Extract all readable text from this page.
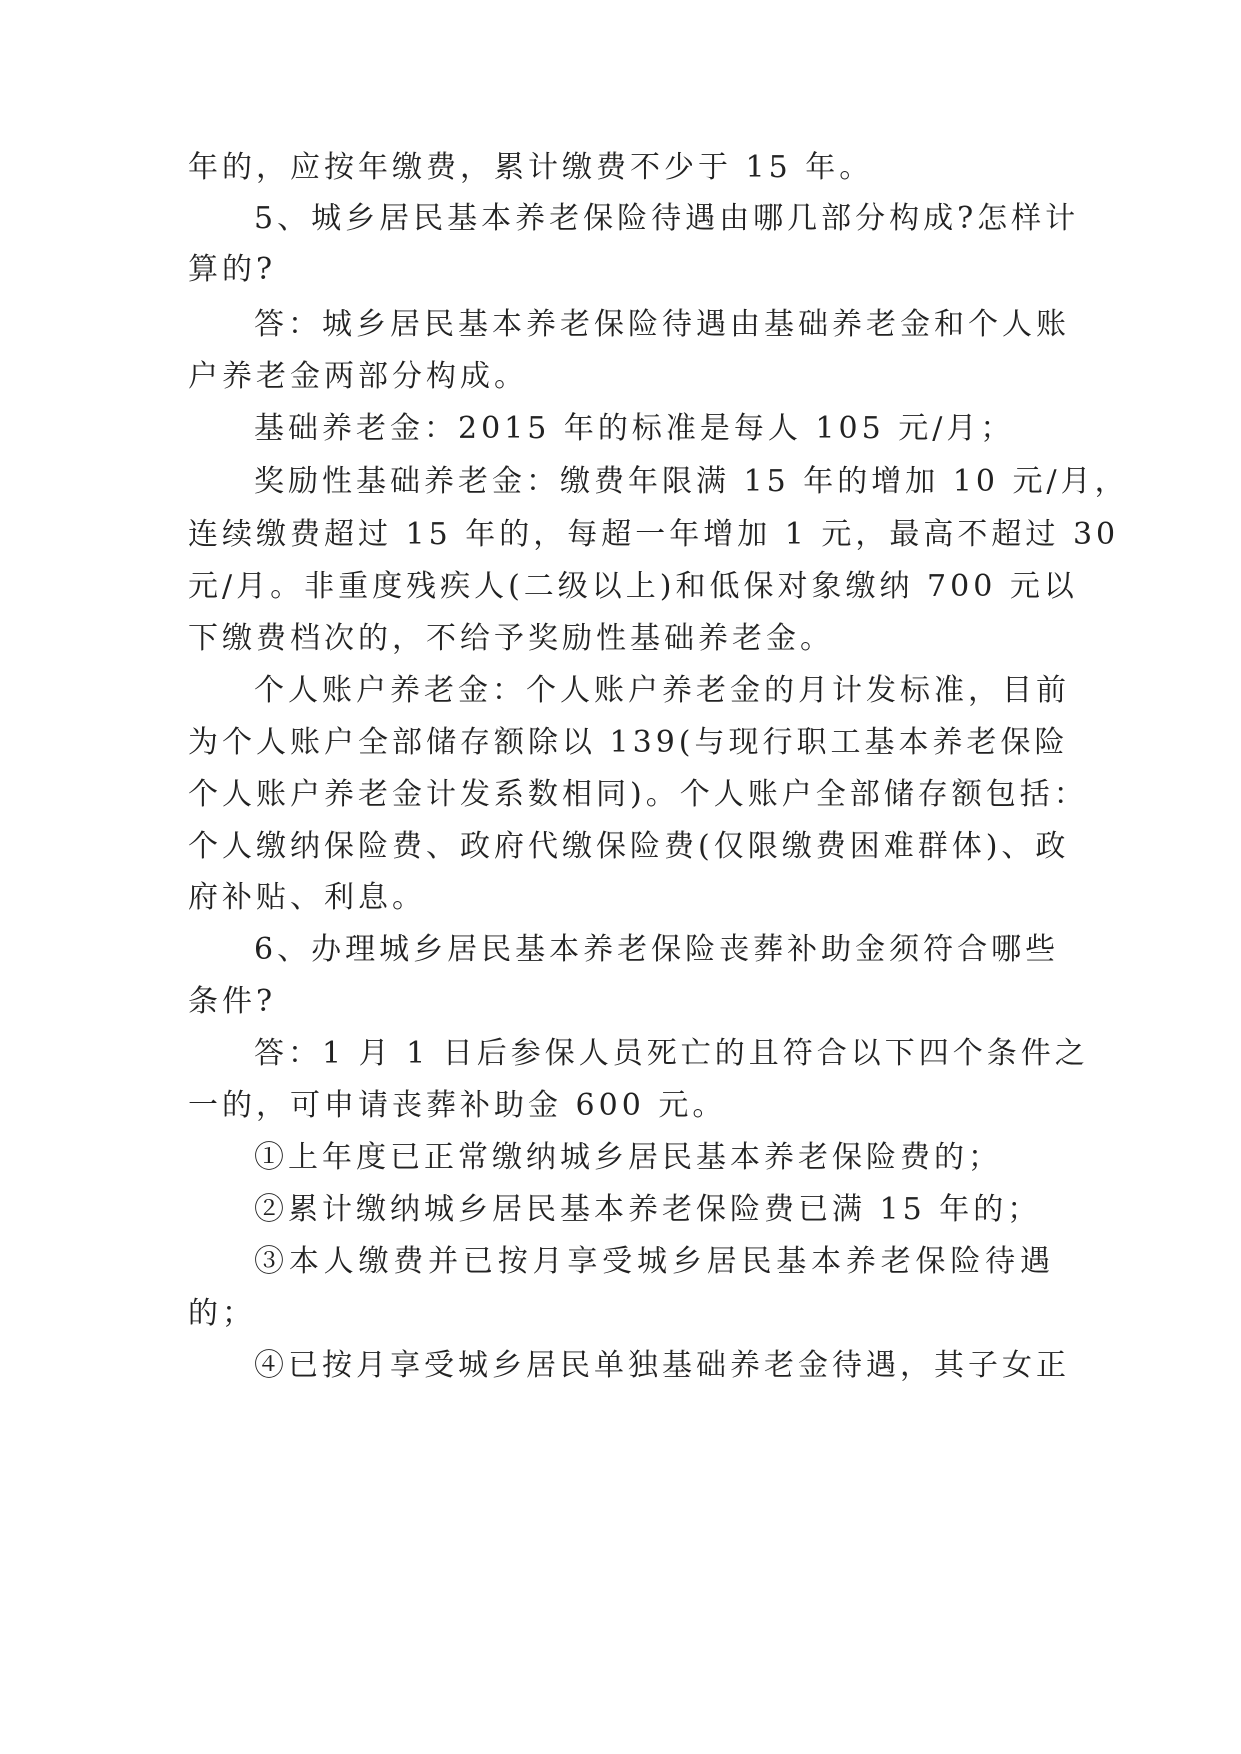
年的，应按年缴费，累计缴费不少于 15 年。
5、城乡居民基本养老保险待遇由哪几部分构成?怎样计
算的?
答：城乡居民基本养老保险待遇由基础养老金和个人账
户养老金两部分构成。
基础养老金：2015 年的标准是每人 105 元/月；
奖励性基础养老金：缴费年限满 15 年的增加 10 元/月，
连续缴费超过 15 年的，每超一年增加 1 元，最高不超过 30
元/月。非重度残疾人(二级以上)和低保对象缴纳 700 元以
下缴费档次的，不给予奖励性基础养老金。
个人账户养老金：个人账户养老金的月计发标准，目前
为个人账户全部储存额除以 139(与现行职工基本养老保险
个人账户养老金计发系数相同)。个人账户全部储存额包括：
个人缴纳保险费、政府代缴保险费(仅限缴费困难群体)、政
府补贴、利息。
6、办理城乡居民基本养老保险丧葬补助金须符合哪些
条件?
答：1 月 1 日后参保人员死亡的且符合以下四个条件之
一的，可申请丧葬补助金 600 元。
①上年度已正常缴纳城乡居民基本养老保险费的；
②累计缴纳城乡居民基本养老保险费已满 15 年的；
③本人缴费并已按月享受城乡居民基本养老保险待遇
的；
④已按月享受城乡居民单独基础养老金待遇，其子女正
